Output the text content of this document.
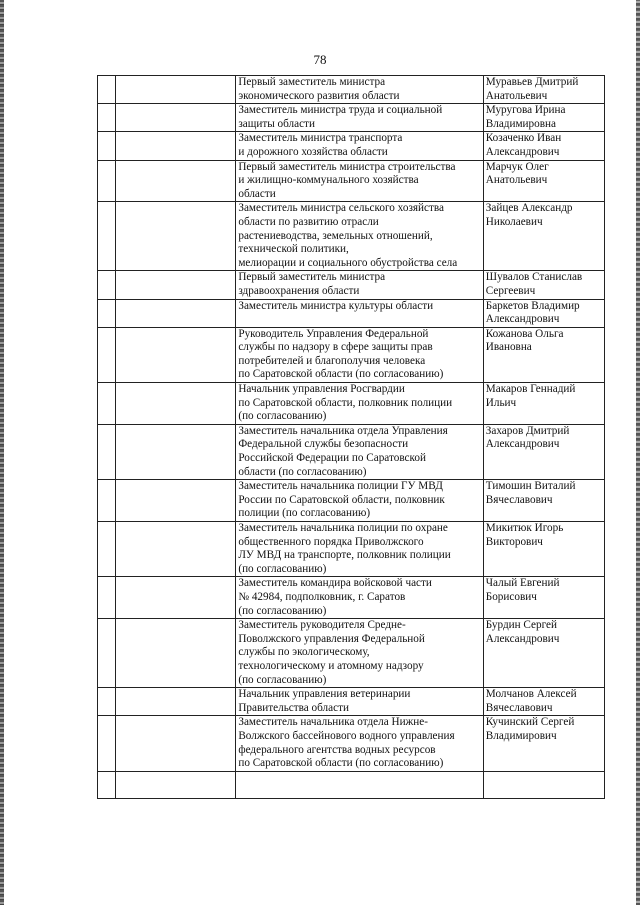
78
		Первый заместитель министра
экономического развития области	Муравьев Дмитрий
Анатольевич
		Заместитель министра труда и социальной
защиты области	Муругова Ирина
Владимировна
		Заместитель министра транспорта
и дорожного хозяйства области	Козаченко Иван
Александрович
		Первый заместитель министра строительства
и жилищно-коммунального хозяйства
области	Марчук Олег
Анатольевич
		Заместитель министра сельского хозяйства
области по развитию отрасли
растениеводства, земельных отношений,
технической политики,
мелиорации и социального обустройства села	Зайцев Александр
Николаевич
		Первый заместитель министра
здравоохранения области	Шувалов Станислав
Сергеевич
		Заместитель министра культуры области	Баркетов Владимир
Александрович
		Руководитель Управления Федеральной
службы по надзору в сфере защиты прав
потребителей и благополучия человека
по Саратовской области (по согласованию)	Кожанова Ольга
Ивановна
		Начальник управления Росгвардии
по Саратовской области, полковник полиции
(по согласованию)	Макаров Геннадий
Ильич
		Заместитель начальника отдела Управления
Федеральной службы безопасности
Российской Федерации по Саратовской
области (по согласованию)	Захаров Дмитрий
Александрович
		Заместитель начальника полиции ГУ МВД
России по Саратовской области, полковник
полиции (по согласованию)	Тимошин Виталий
Вячеславович
		Заместитель начальника полиции по охране
общественного порядка Приволжского
ЛУ МВД на транспорте, полковник полиции
(по согласованию)	Микитюк Игорь
Викторович
		Заместитель командира войсковой части
№ 42984, подполковник, г. Саратов
(по согласованию)	Чалый Евгений
Борисович
		Заместитель руководителя Средне-
Поволжского управления Федеральной
службы по экологическому,
технологическому и атомному надзору
(по согласованию)	Бурдин Сергей
Александрович
		Начальник управления ветеринарии
Правительства области	Молчанов Алексей
Вячеславович
		Заместитель начальника отдела Нижне-
Волжского бассейнового водного управления
федерального агентства водных ресурсов
по Саратовской области (по согласованию)	Кучинский Сергей
Владимирович
